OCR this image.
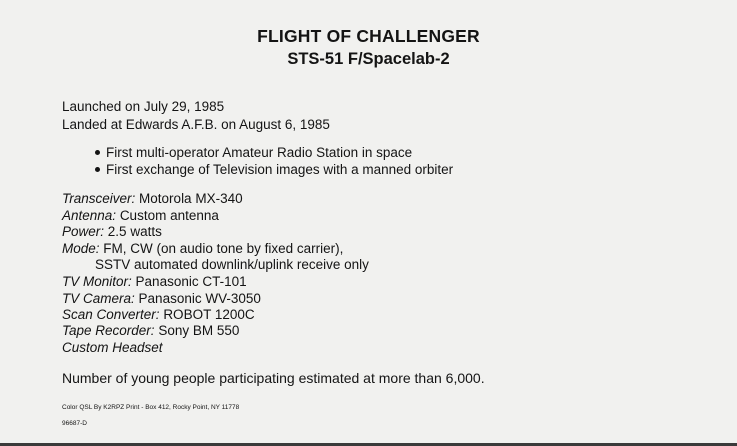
FLIGHT OF CHALLENGER
STS-51 F/Spacelab-2
Launched on July 29, 1985
Landed at Edwards A.F.B. on August 6, 1985
First multi-operator Amateur Radio Station in space
First exchange of Television images with a manned orbiter
Transceiver: Motorola MX-340
Antenna: Custom antenna
Power: 2.5 watts
Mode: FM, CW (on audio tone by fixed carrier),
SSTV automated downlink/uplink receive only
TV Monitor: Panasonic CT-101
TV Camera: Panasonic WV-3050
Scan Converter: ROBOT 1200C
Tape Recorder: Sony BM 550
Custom Headset
Number of young people participating estimated at more than 6,000.
Color QSL By K2RPZ Print - Box 412, Rocky Point, NY 11778
96687-D
